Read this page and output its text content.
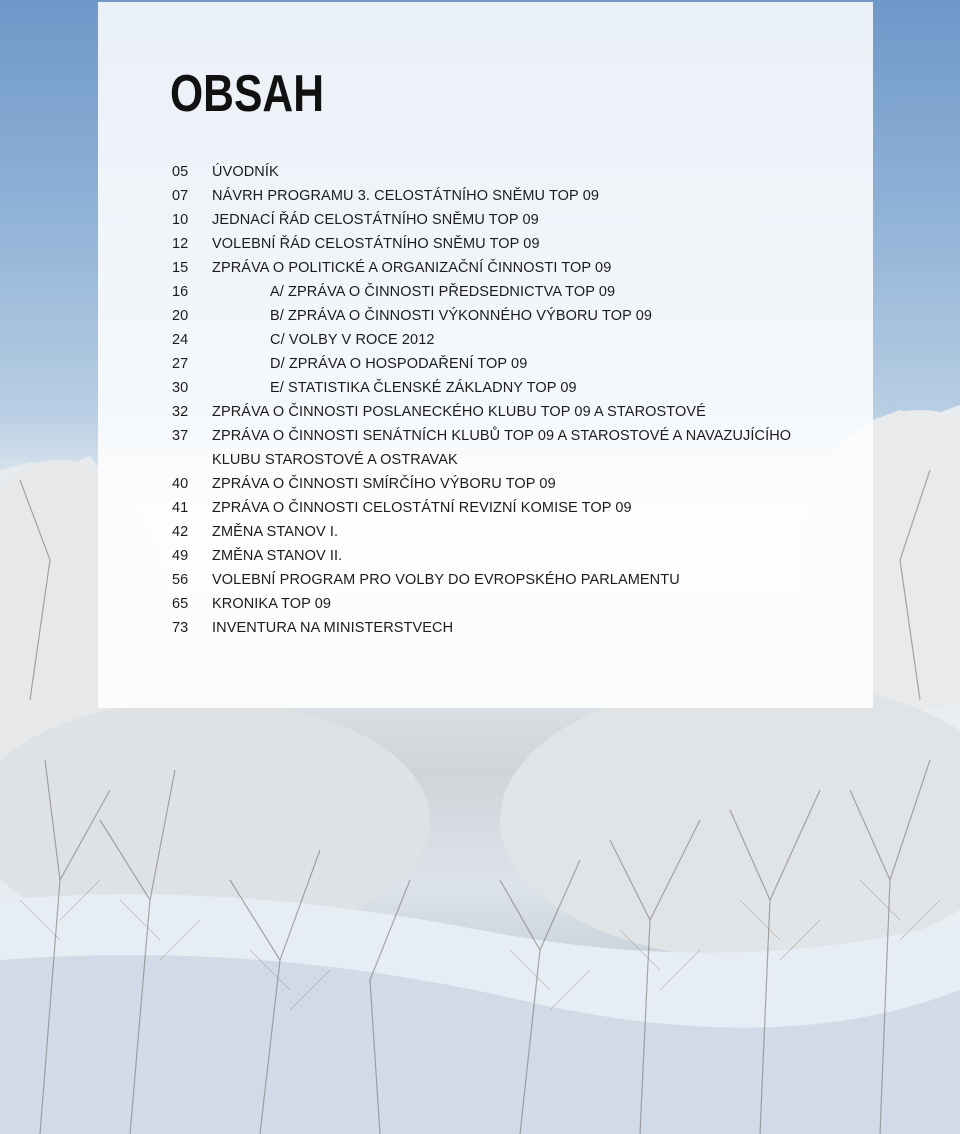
OBSAH
05	ÚVODNÍK
07	NÁVRH PROGRAMU 3. CELOSTÁTNÍHO SNĚMU TOP 09
10	JEDNACÍ ŘÁD CELOSTÁTNÍHO SNĚMU TOP 09
12	VOLEBNÍ ŘÁD CELOSTÁTNÍHO SNĚMU TOP 09
15	ZPRÁVA O POLITICKÉ A ORGANIZAČNÍ ČINNOSTI TOP 09
16	A/ ZPRÁVA O ČINNOSTI PŘEDSEDNICTVA TOP 09
20	B/ ZPRÁVA O ČINNOSTI VÝKONNÉHO VÝBORU TOP 09
24	C/ VOLBY V ROCE 2012
27	D/ ZPRÁVA O HOSPODAŘENÍ TOP 09
30	E/ STATISTIKA ČLENSKÉ ZÁKLADNY TOP 09
32	ZPRÁVA O ČINNOSTI POSLANECKÉHO KLUBU TOP 09 A STAROSTOVÉ
37	ZPRÁVA O ČINNOSTI SENÁTNÍCH KLUBŮ TOP 09 A STAROSTOVÉ A NAVAZUJÍCÍHO
KLUBU STAROSTOVÉ A OSTRAVAK
40	ZPRÁVA O ČINNOSTI SMÍRČÍHO VÝBORU TOP 09
41	ZPRÁVA O ČINNOSTI CELOSTÁTNÍ REVIZNÍ KOMISE TOP 09
42	ZMĚNA STANOV I.
49	ZMĚNA STANOV II.
56	VOLEBNÍ PROGRAM PRO VOLBY DO EVROPSKÉHO PARLAMENTU
65	KRONIKA TOP 09
73	INVENTURA NA MINISTERSTVECH
